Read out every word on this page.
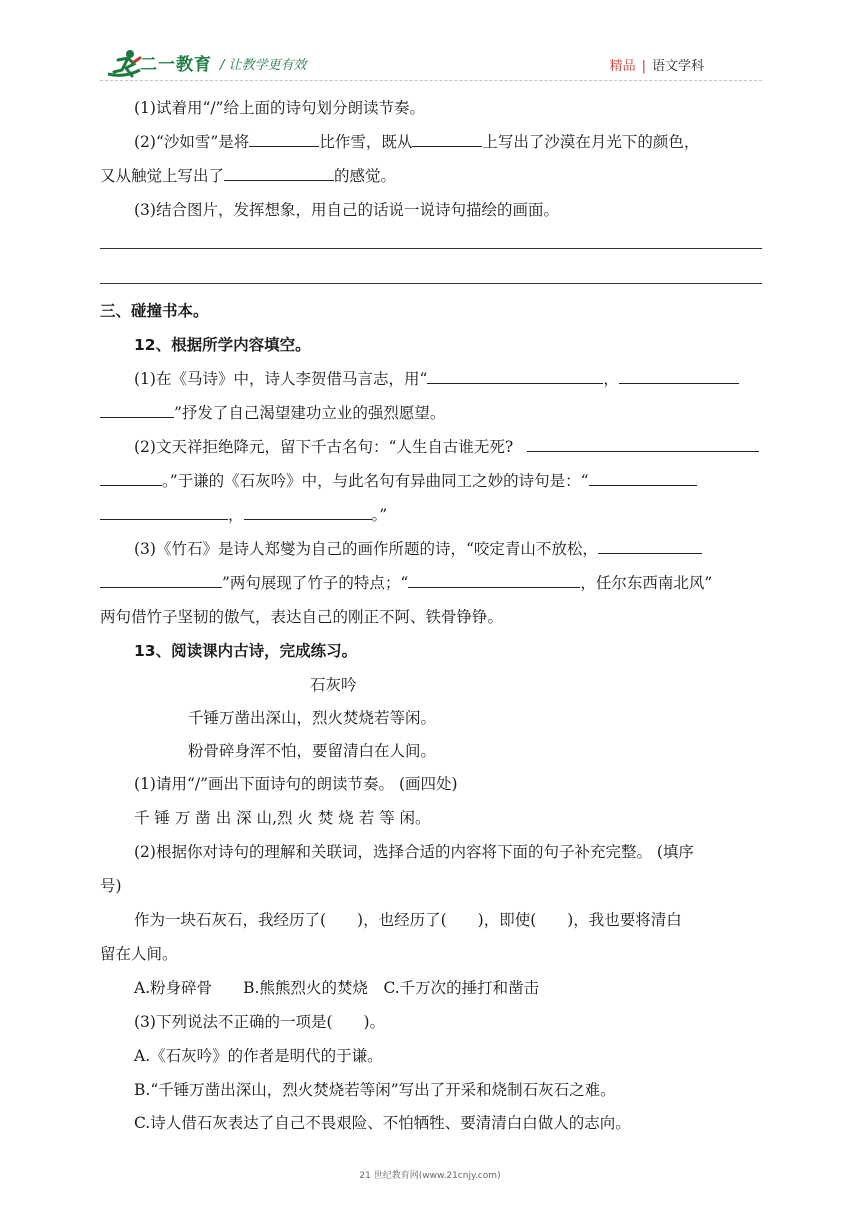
二一教育 / 让教学更有效	精品 | 语文学科
(1)试着用“/”给上面的诗句划分朗读节奏。
(2)“沙如雪”是将	比作雪，既从	上写出了沙漠在月光下的颜色，
又从触觉上写出了	的感觉。
(3)结合图片，发挥想象，用自己的话说一说诗句描绘的画面。
三、碰撞书本。
12、根据所学内容填空。
(1)在《马诗》中，诗人李贺借马言志，用“	，
”抒发了自己渴望建功立业的强烈愿望。
(2)文天祥拒绝降元，留下千古名句：“人生自古谁无死?
。”于谦的《石灰吟》中，与此名句有异曲同工之妙的诗句是：“
，	。”
(3)《竹石》是诗人郑燮为自己的画作所题的诗，“咬定青山不放松，
”两句展现了竹子的特点；“	，任尔东西南北风”
两句借竹子坚韧的傲气，表达自己的刚正不阿、铁骨铮铮。
13、阅读课内古诗，完成练习。
石灰吟
千锤万凿出深山，烈火焚烧若等闲。
粉骨碎身浑不怕，要留清白在人间。
(1)请用“/”画出下面诗句的朗读节奏。 (画四处)
千 锤 万 凿 出 深 山,烈 火 焚 烧 若 等 闲。
(2)根据你对诗句的理解和关联词，选择合适的内容将下面的句子补充完整。 (填序
号)
作为一块石灰石，我经历了(　　)，也经历了(　　)，即使(　　)，我也要将清白
留在人间。
A.粉身碎骨　　B.熊熊烈火的焚烧　C.千万次的捶打和凿击
(3)下列说法不正确的一项是(　　)。
A.《石灰吟》的作者是明代的于谦。
B.“千锤万凿出深山，烈火焚烧若等闲”写出了开采和烧制石灰石之难。
C.诗人借石灰表达了自己不畏艰险、不怕牺牲、要清清白白做人的志向。
21 世纪教育网(www.21cnjy.com)
